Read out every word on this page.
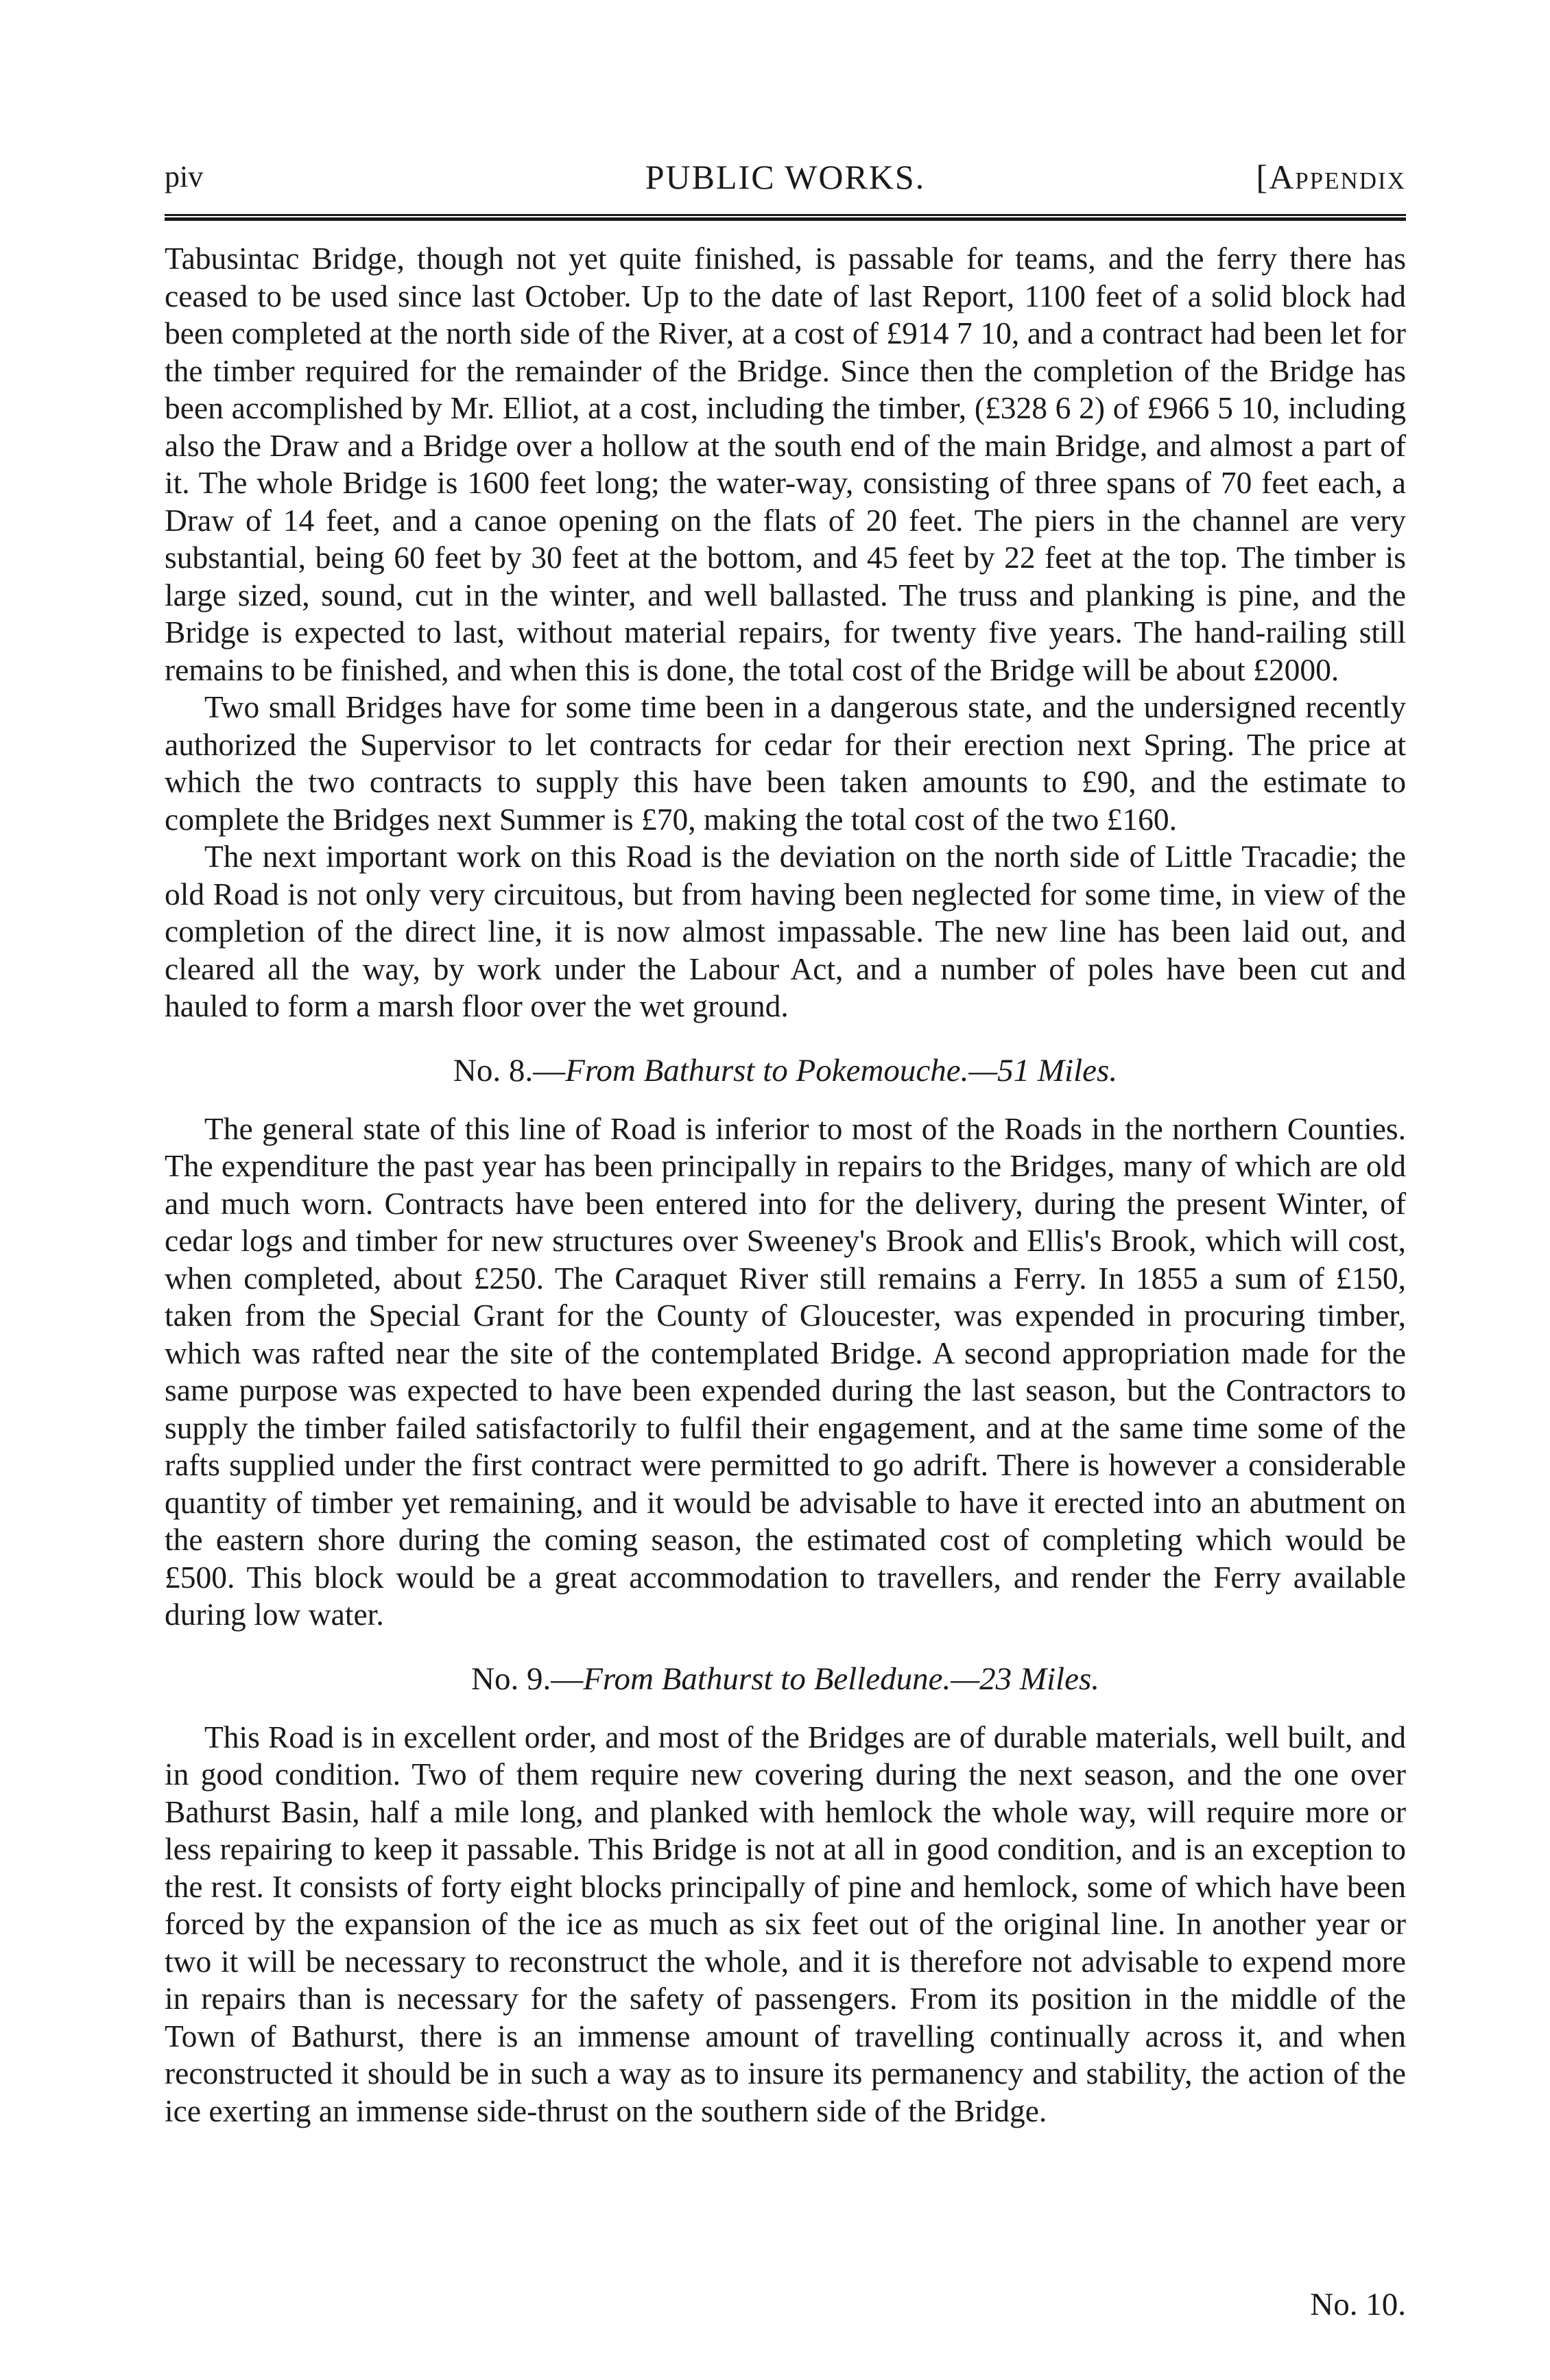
piv	PUBLIC WORKS.	[Appendix

Tabusintac Bridge, though not yet quite finished, is passable for teams, and the ferry there has ceased to be used since last October. Up to the date of last Report, 1100 feet of a solid block had been completed at the north side of the River, at a cost of £914 7 10, and a contract had been let for the timber required for the remainder of the Bridge. Since then the completion of the Bridge has been accomplished by Mr. Elliot, at a cost, including the timber, (£328 6 2) of £966 5 10, including also the Draw and a Bridge over a hollow at the south end of the main Bridge, and almost a part of it. The whole Bridge is 1600 feet long; the water-way, consisting of three spans of 70 feet each, a Draw of 14 feet, and a canoe opening on the flats of 20 feet. The piers in the channel are very substantial, being 60 feet by 30 feet at the bottom, and 45 feet by 22 feet at the top. The timber is large sized, sound, cut in the winter, and well ballasted. The truss and planking is pine, and the Bridge is expected to last, without material repairs, for twenty five years. The hand-railing still remains to be finished, and when this is done, the total cost of the Bridge will be about £2000.

Two small Bridges have for some time been in a dangerous state, and the undersigned recently authorized the Supervisor to let contracts for cedar for their erection next Spring. The price at which the two contracts to supply this have been taken amounts to £90, and the estimate to complete the Bridges next Summer is £70, making the total cost of the two £160.

The next important work on this Road is the deviation on the north side of Little Tracadie; the old Road is not only very circuitous, but from having been neglected for some time, in view of the completion of the direct line, it is now almost impassable. The new line has been laid out, and cleared all the way, by work under the Labour Act, and a number of poles have been cut and hauled to form a marsh floor over the wet ground.

No. 8.—From Bathurst to Pokemouche.—51 Miles.

The general state of this line of Road is inferior to most of the Roads in the northern Counties. The expenditure the past year has been principally in repairs to the Bridges, many of which are old and much worn. Contracts have been entered into for the delivery, during the present Winter, of cedar logs and timber for new structures over Sweeney's Brook and Ellis's Brook, which will cost, when completed, about £250. The Caraquet River still remains a Ferry. In 1855 a sum of £150, taken from the Special Grant for the County of Gloucester, was expended in procuring timber, which was rafted near the site of the contemplated Bridge. A second appropriation made for the same purpose was expected to have been expended during the last season, but the Contractors to supply the timber failed satisfactorily to fulfil their engagement, and at the same time some of the rafts supplied under the first contract were permitted to go adrift. There is however a considerable quantity of timber yet remaining, and it would be advisable to have it erected into an abutment on the eastern shore during the coming season, the estimated cost of completing which would be £500. This block would be a great accommodation to travellers, and render the Ferry available during low water.

No. 9.—From Bathurst to Belledune.—23 Miles.

This Road is in excellent order, and most of the Bridges are of durable materials, well built, and in good condition. Two of them require new covering during the next season, and the one over Bathurst Basin, half a mile long, and planked with hemlock the whole way, will require more or less repairing to keep it passable. This Bridge is not at all in good condition, and is an exception to the rest. It consists of forty eight blocks principally of pine and hemlock, some of which have been forced by the expansion of the ice as much as six feet out of the original line. In another year or two it will be necessary to reconstruct the whole, and it is therefore not advisable to expend more in repairs than is necessary for the safety of passengers. From its position in the middle of the Town of Bathurst, there is an immense amount of travelling continually across it, and when reconstructed it should be in such a way as to insure its permanency and stability, the action of the ice exerting an immense side-thrust on the southern side of the Bridge.

No. 10.
